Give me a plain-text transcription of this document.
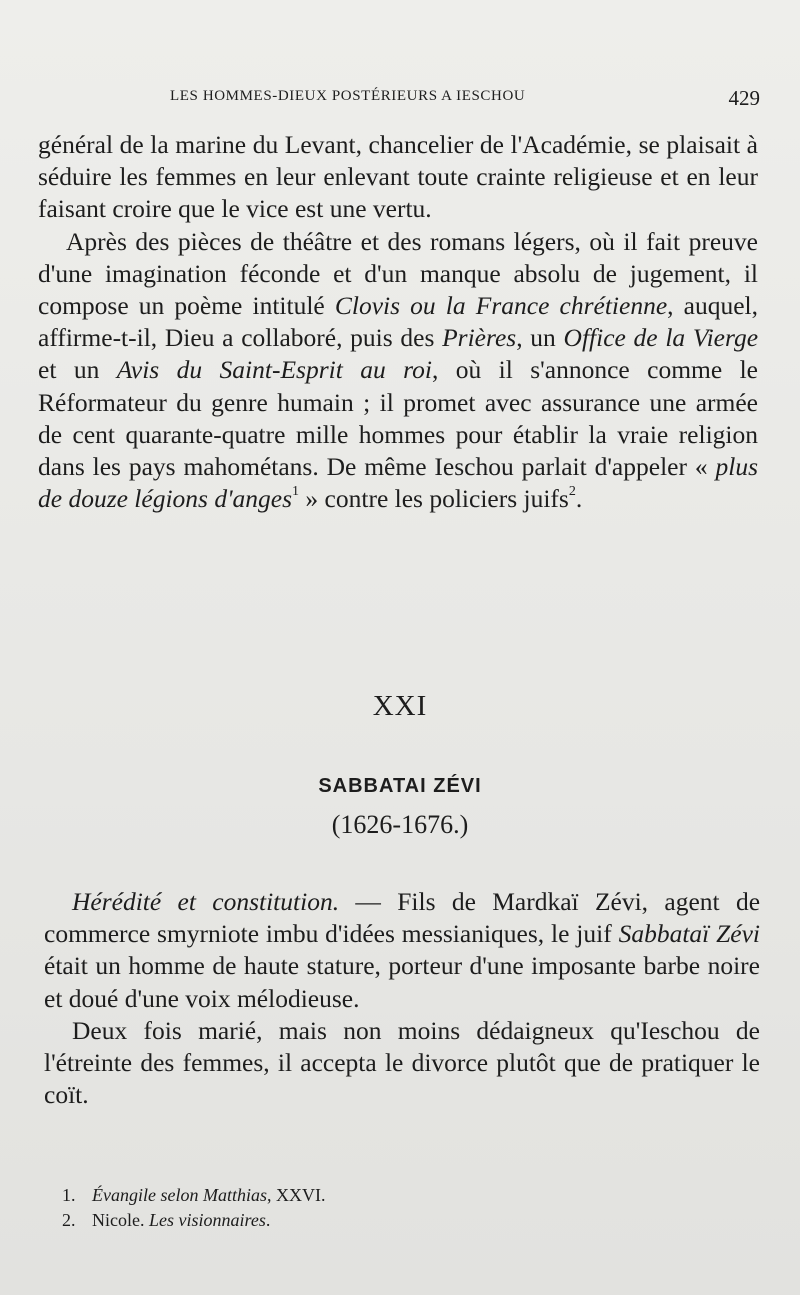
LES HOMMES-DIEUX POSTÉRIEURS A IESCHOU	429

général de la marine du Levant, chancelier de l'Académie, se plaisait à séduire les femmes en leur enlevant toute crainte religieuse et en leur faisant croire que le vice est une vertu.

Après des pièces de théâtre et des romans légers, où il fait preuve d'une imagination féconde et d'un manque absolu de jugement, il compose un poème intitulé Clovis ou la France chrétienne, auquel, affirme-t-il, Dieu a collaboré, puis des Prières, un Office de la Vierge et un Avis du Saint-Esprit au roi, où il s'annonce comme le Réformateur du genre humain ; il promet avec assurance une armée de cent quarante-quatre mille hommes pour établir la vraie religion dans les pays mahométans. De même Ieschou parlait d'appeler « plus de douze légions d'anges$^1$ » contre les policiers juifs$^2$.

XXI
SABBATAI ZÉVI
(1626-1676.)

Hérédité et constitution. — Fils de Mardkaï Zévi, agent de commerce smyrniote imbu d'idées messianiques, le juif Sabbataï Zévi était un homme de haute stature, porteur d'une imposante barbe noire et doué d'une voix mélodieuse.

Deux fois marié, mais non moins dédaigneux qu'Ieschou de l'étreinte des femmes, il accepta le divorce plutôt que de pratiquer le coït.

1. Évangile selon Matthias, XXVI.
2. Nicole. Les visionnaires.
